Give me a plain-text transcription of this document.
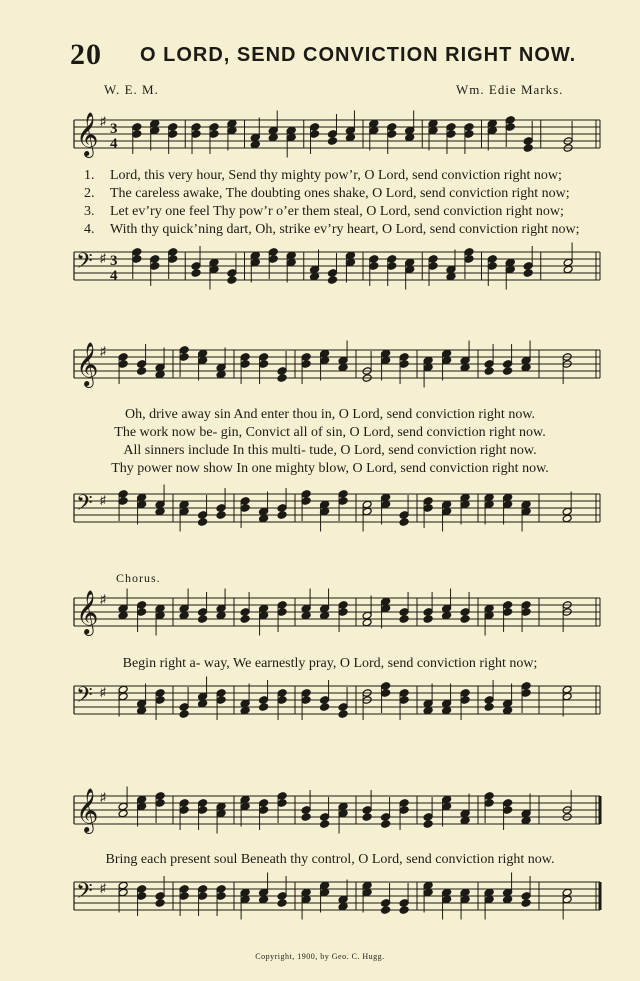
20 O LORD, SEND CONVICTION RIGHT NOW.
W. E. M.	Wm. Edie Marks.
𝄞 ♯ 3
4
𝄢 ♯ 3
4
1. Lord, this very hour, Send thy mighty pow’r, O Lord, send conviction right now;
2. The careless awake, The doubting ones shake, O Lord, send conviction right now;
3. Let ev’ry one feel Thy pow’r o’er them steal, O Lord, send conviction right now;
4. With thy quick’ning dart, Oh, strike ev’ry heart, O Lord, send conviction right now;
𝄞 ♯
𝄢 ♯
Oh, drive away sin And enter thou in, O Lord, send conviction right now.
The work now be- gin, Convict all of sin, O Lord, send conviction right now.
All sinners include In this multi- tude, O Lord, send conviction right now.
Thy power now show In one mighty blow, O Lord, send conviction right now.
Chorus.
𝄞 ♯
Begin right a- way, We earnestly pray, O Lord, send conviction right now;
𝄢 ♯
𝄞 ♯
Bring each present soul Beneath thy control, O Lord, send conviction right now.
𝄢 ♯
Copyright, 1900, by Geo. C. Hugg.
